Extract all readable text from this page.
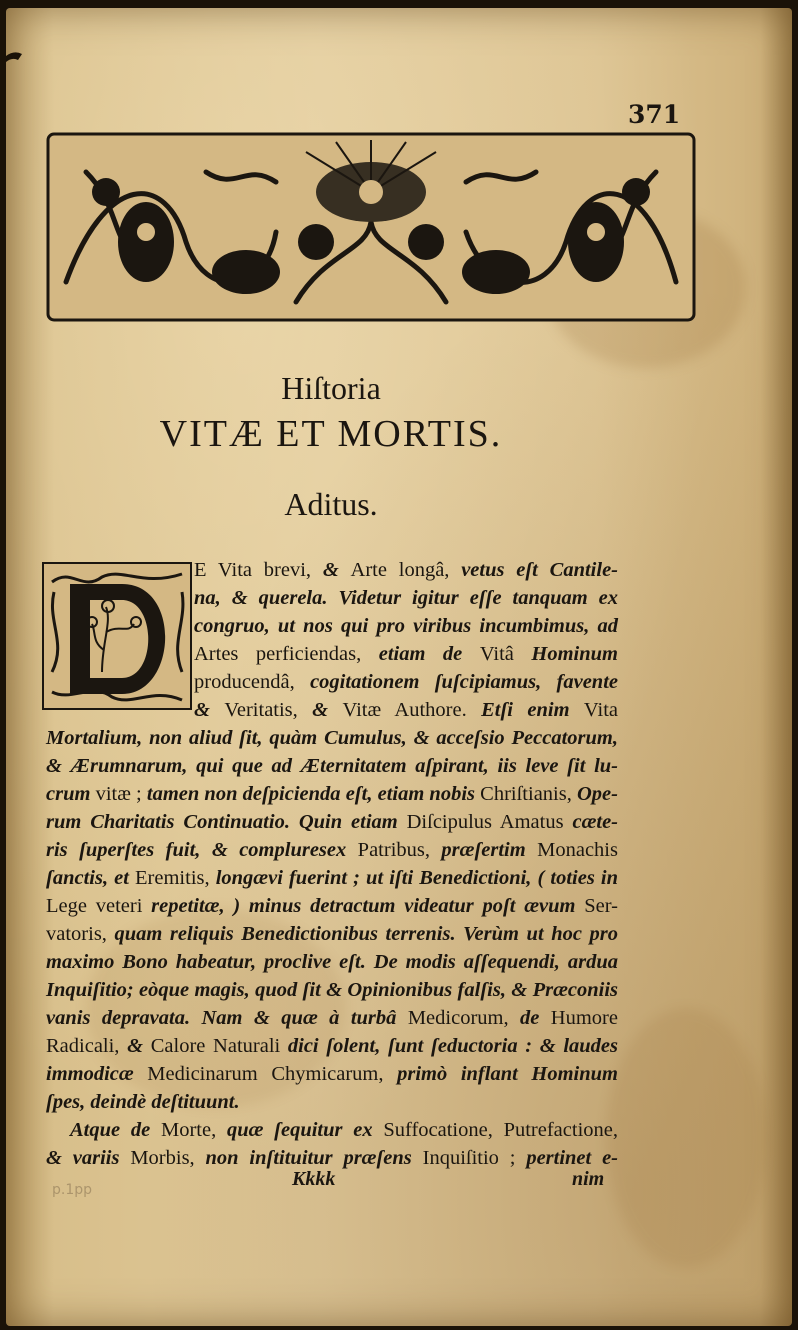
371
Hiſtoria
VITÆ ET MORTIS.
Aditus.
E Vita brevi, & Arte longâ, vetus eſt Cantile-
na, & querela. Videtur igitur eſſe tanquam ex
congruo, ut nos qui pro viribus incumbimus, ad
Artes perficiendas, etiam de Vitâ Hominum
producendâ, cogitationem ſuſcipiamus, favente
& Veritatis, & Vitæ Authore. Etſi enim Vita
Mortalium, non aliud ſit, quàm Cumulus, & acceſsio Peccatorum,
& Ærumnarum, qui que ad Æternitatem aſpirant, iis leve ſit lu-
crum vitæ ; tamen non deſpicienda eſt, etiam nobis Chriſtianis, Ope-
rum Charitatis Continuatio. Quin etiam Diſcipulus Amatus cæte-
ris ſuperſtes fuit, & compluresex Patribus, præſertim Monachis
ſanctis, et Eremitis, longævi fuerint ; ut iſti Benedictioni, ( toties in
Lege veteri repetitæ, ) minus detractum videatur poſt ævum Ser-
vatoris, quam reliquis Benedictionibus terrenis. Verùm ut hoc pro
maximo Bono habeatur, proclive eſt. De modis aſſequendi, ardua
Inquiſitio; eòque magis, quod ſit & Opinionibus falſis, & Præconiis
vanis depravata. Nam & quæ à turbâ Medicorum, de Humore
Radicali, & Calore Naturali dici ſolent, ſunt ſeductoria : & laudes
immodicæ Medicinarum Chymicarum, primò inflant Hominum
ſpes, deindè deſtituunt.
Atque de Morte, quæ ſequitur ex Suffocatione, Putrefactione,
& variis Morbis, non inſtituitur præſens Inquiſitio ; pertinet e-
Kkkk	nim
p.1pp
